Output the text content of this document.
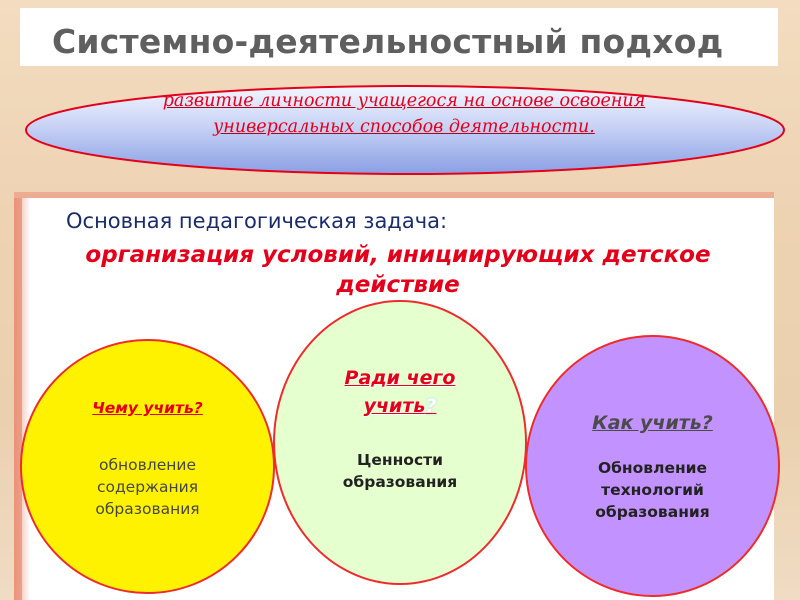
Системно-деятельностный подход
развитие личности учащегося на основе освоения универсальных способов деятельности.
Основная педагогическая задача:
организация условий, инициирующих детское действие
Чему учить?
обновление
содержания
образования
Ради чего
учить?
Ценности
образования
Как учить?
Обновление
технологий
образования
